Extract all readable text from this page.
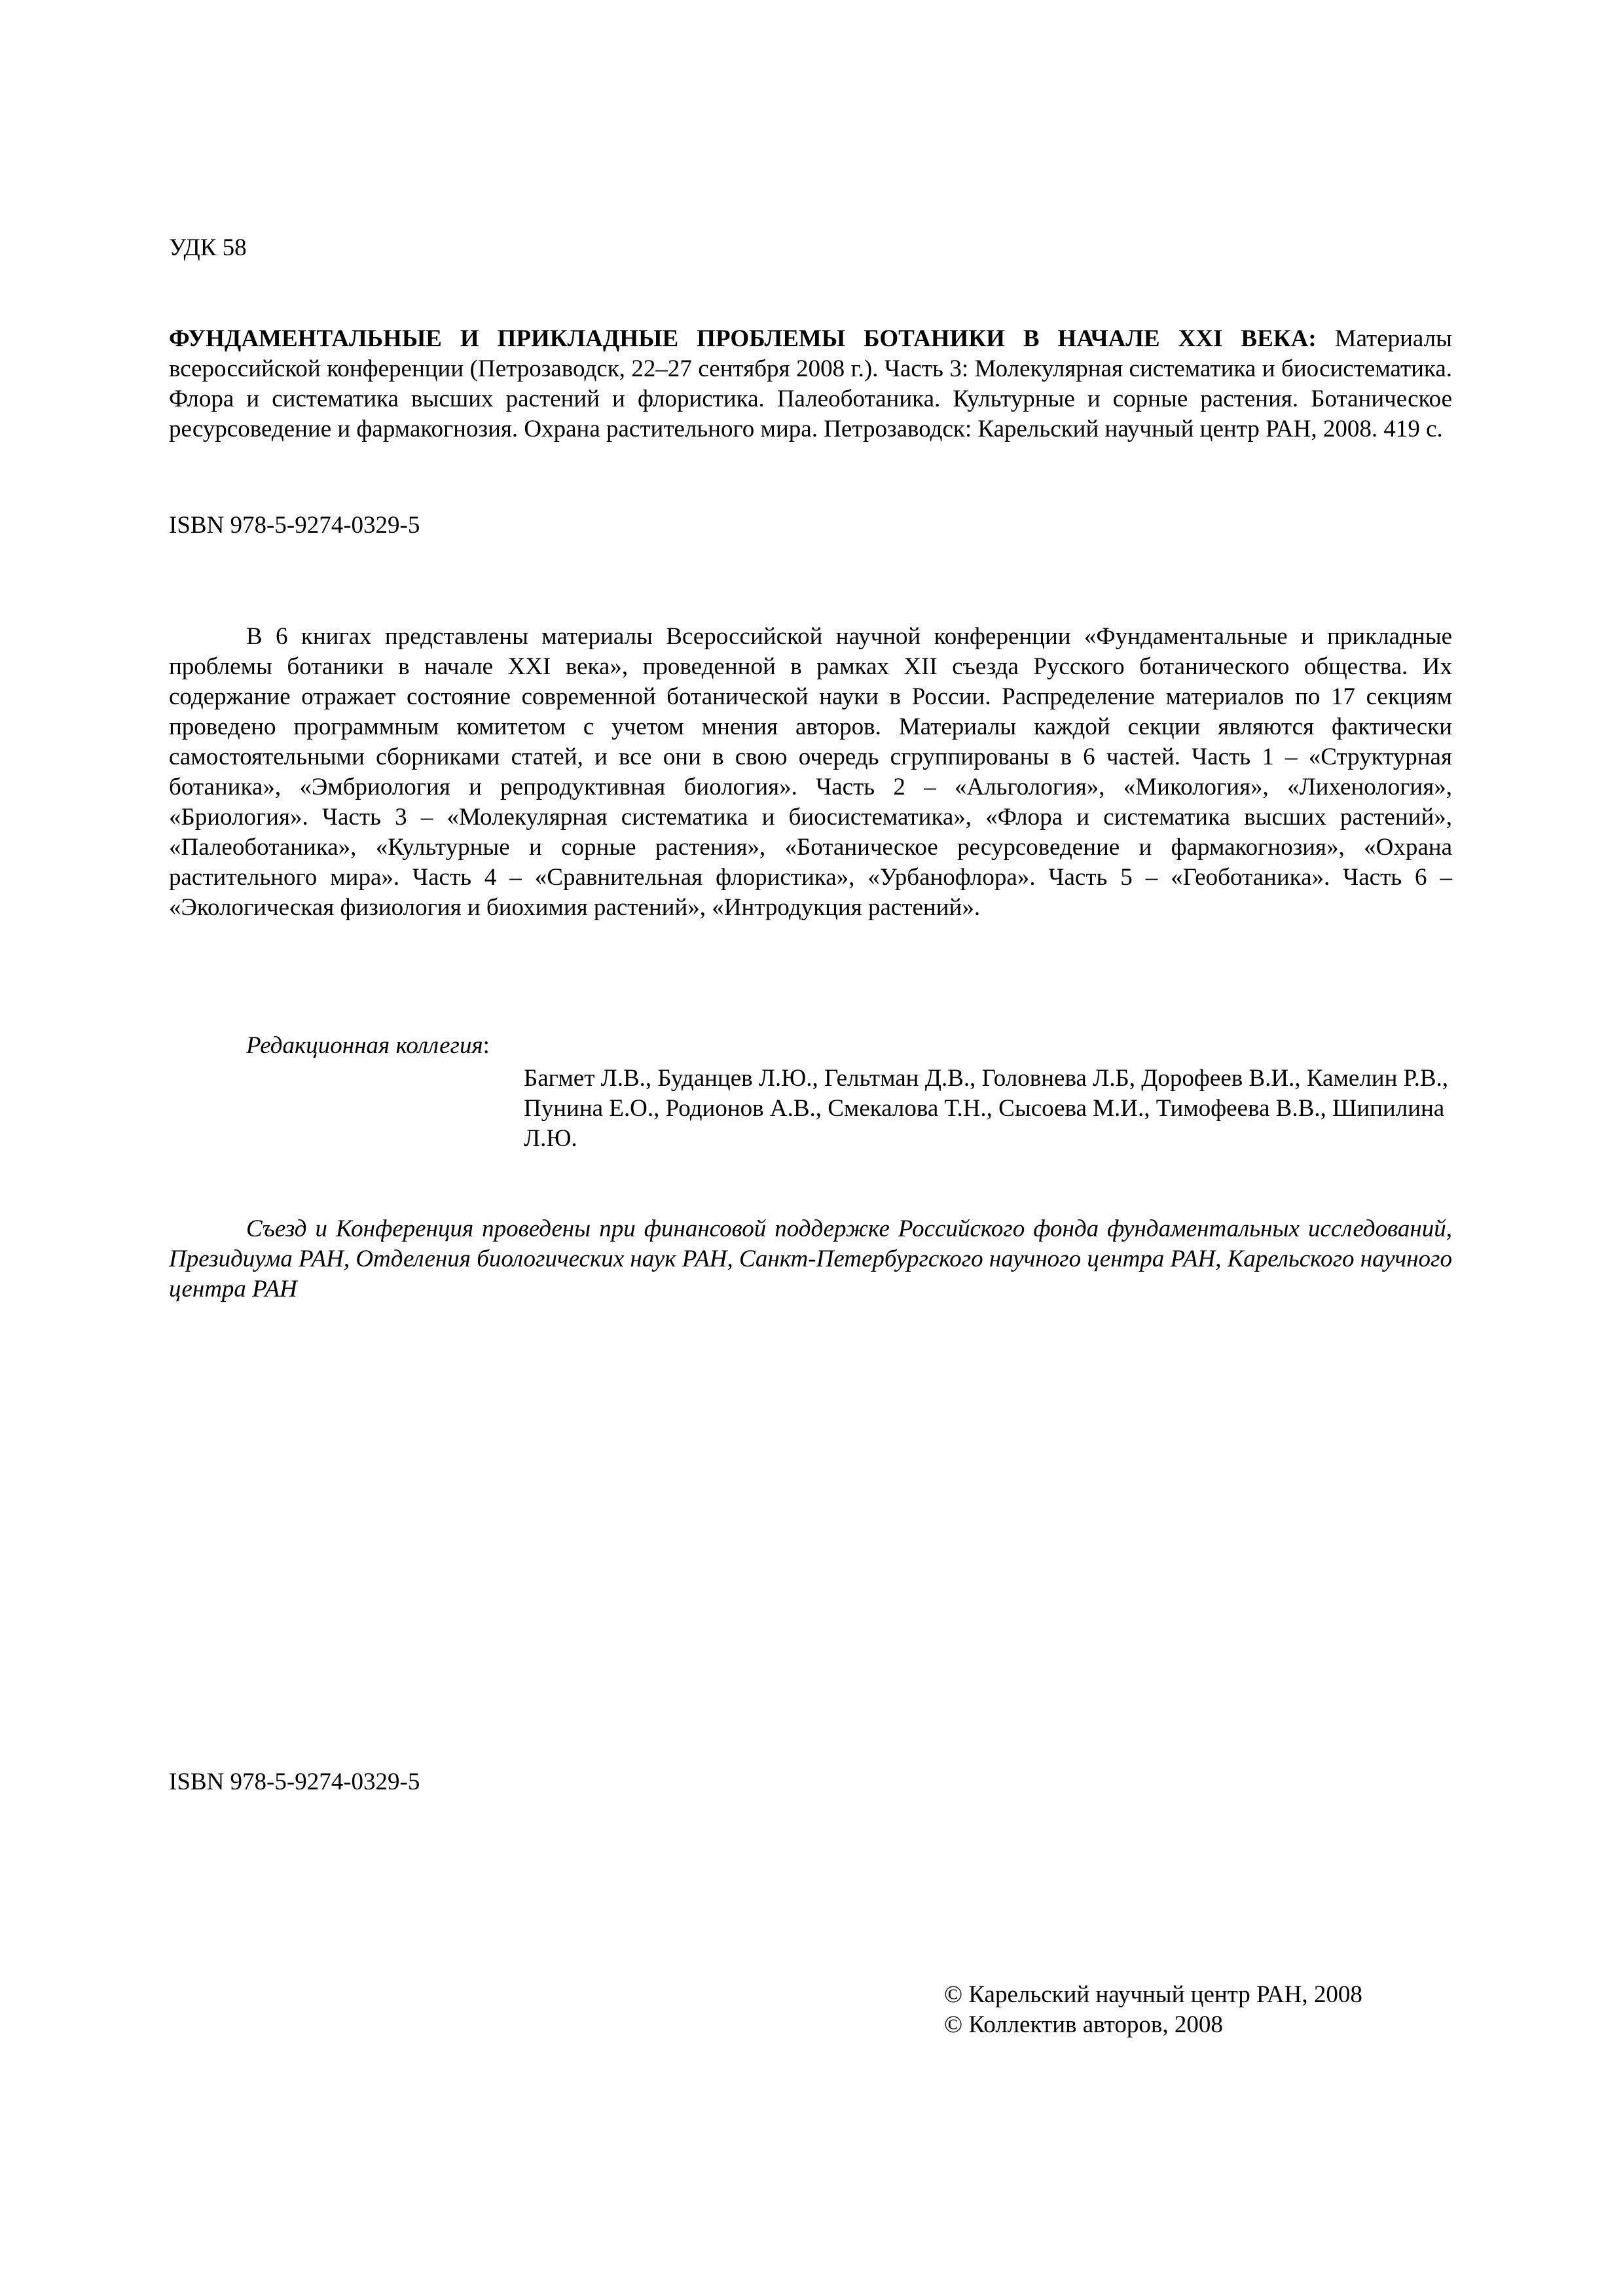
УДК 58
ФУНДАМЕНТАЛЬНЫЕ И ПРИКЛАДНЫЕ ПРОБЛЕМЫ БОТАНИКИ В НАЧАЛЕ XXI ВЕКА: Материалы всероссийской конференции (Петрозаводск, 22–27 сентября 2008 г.). Часть 3: Молекулярная систематика и биосистематика. Флора и систематика высших растений и флористика. Палеоботаника. Культурные и сорные растения. Ботаническое ресурсоведение и фармакогнозия. Охрана растительного мира. Петрозаводск: Карельский научный центр РАН, 2008. 419 с.
ISBN 978-5-9274-0329-5
В 6 книгах представлены материалы Всероссийской научной конференции «Фундаментальные и прикладные проблемы ботаники в начале XXI века», проведенной в рамках XII съезда Русского ботанического общества. Их содержание отражает состояние современной ботанической науки в России. Распределение материалов по 17 секциям проведено программным комитетом с учетом мнения авторов. Материалы каждой секции являются фактически самостоятельными сборниками статей, и все они в свою очередь сгруппированы в 6 частей. Часть 1 – «Структурная ботаника», «Эмбриология и репродуктивная биология». Часть 2 – «Альгология», «Микология», «Лихенология», «Бриология». Часть 3 – «Молекулярная систематика и биосистематика», «Флора и систематика высших растений», «Палеоботаника», «Культурные и сорные растения», «Ботаническое ресурсоведение и фармакогнозия», «Охрана растительного мира». Часть 4 – «Сравнительная флористика», «Урбанофлора». Часть 5 – «Геоботаника». Часть 6 – «Экологическая физиология и биохимия растений», «Интродукция растений».
Редакционная коллегия:
Багмет Л.В., Буданцев Л.Ю., Гельтман Д.В., Головнева Л.Б, Дорофеев В.И., Камелин Р.В., Пунина Е.О., Родионов А.В., Смекалова Т.Н., Сысоева М.И., Тимофеева В.В., Шипилина Л.Ю.
Съезд и Конференция проведены при финансовой поддержке Российского фонда фундаментальных исследований, Президиума РАН, Отделения биологических наук РАН, Санкт-Петербургского научного центра РАН, Карельского научного центра РАН
ISBN 978-5-9274-0329-5
© Карельский научный центр РАН, 2008
© Коллектив авторов, 2008
